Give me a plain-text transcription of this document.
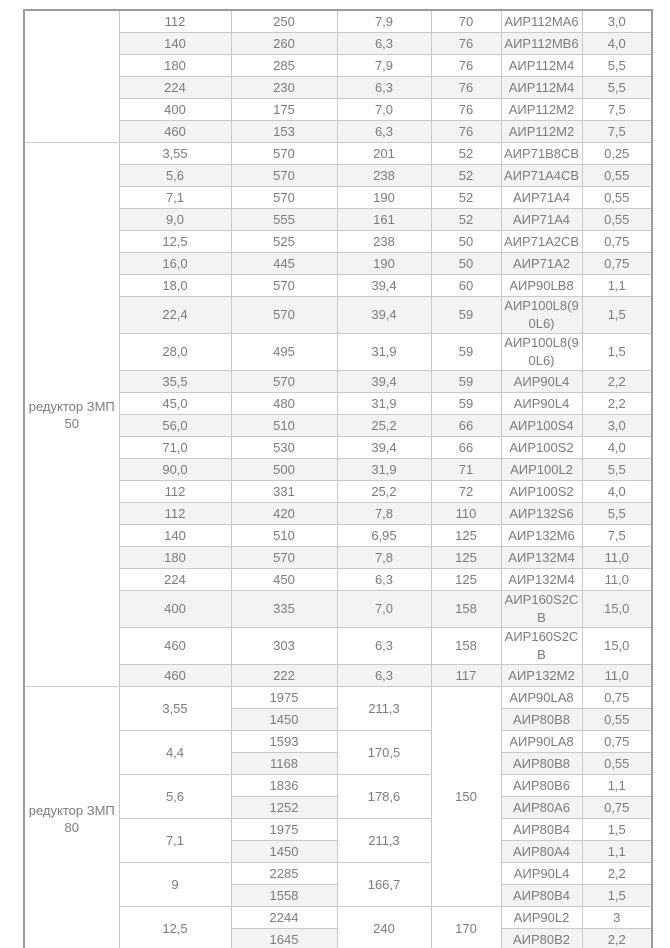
	112	250	7,9	70	АИР112МА6	3,0
	140	260	6,3	76	АИР112МВ6	4,0
	180	285	7,9	76	АИР112М4	5,5
	224	230	6,3	76	АИР112М4	5,5
	400	175	7,0	76	АИР112М2	7,5
	460	153	6,3	76	АИР112М2	7,5
редуктор ЗМП 50	3,55	570	201	52	АИР71В8СВ	0,25
	5,6	570	238	52	АИР71А4СВ	0,55
	7,1	570	190	52	АИР71А4	0,55
	9,0	555	161	52	АИР71А4	0,55
	12,5	525	238	50	АИР71А2СВ	0,75
	16,0	445	190	50	АИР71А2	0,75
	18,0	570	39,4	60	АИР90LB8	1,1
	22,4	570	39,4	59	АИР100L8(90L6)	1,5
	28,0	495	31,9	59	АИР100L8(90L6)	1,5
	35,5	570	39,4	59	АИР90L4	2,2
	45,0	480	31,9	59	АИР90L4	2,2
	56,0	510	25,2	66	АИР100S4	3,0
	71,0	530	39,4	66	АИР100S2	4,0
	90,0	500	31,9	71	АИР100L2	5,5
	112	331	25,2	72	АИР100S2	4,0
	112	420	7,8	110	АИР132S6	5,5
	140	510	6,95	125	АИР132М6	7,5
	180	570	7,8	125	АИР132М4	11,0
	224	450	6,3	125	АИР132М4	11,0
	400	335	7,0	158	АИР160S2СВ	15,0
	460	303	6,3	158	АИР160S2СВ	15,0
	460	222	6,3	117	АИР132М2	11,0
редуктор ЗМП 80	3,55	1975	211,3	150	АИР90LA8	0,75
		1450			АИР80В8	0,55
	4,4	1593	170,5		АИР90LA8	0,75
		1168			АИР80В8	0,55
	5,6	1836	178,6		АИР80В6	1,1
		1252			АИР80А6	0,75
	7,1	1975	211,3		АИР80В4	1,5
		1450			АИР80А4	1,1
	9	2285	166,7		АИР90L4	2,2
		1558			АИР80В4	1,5
	12,5	2244	240	170	АИР90L2	3
		1645			АИР80В2	2,2
